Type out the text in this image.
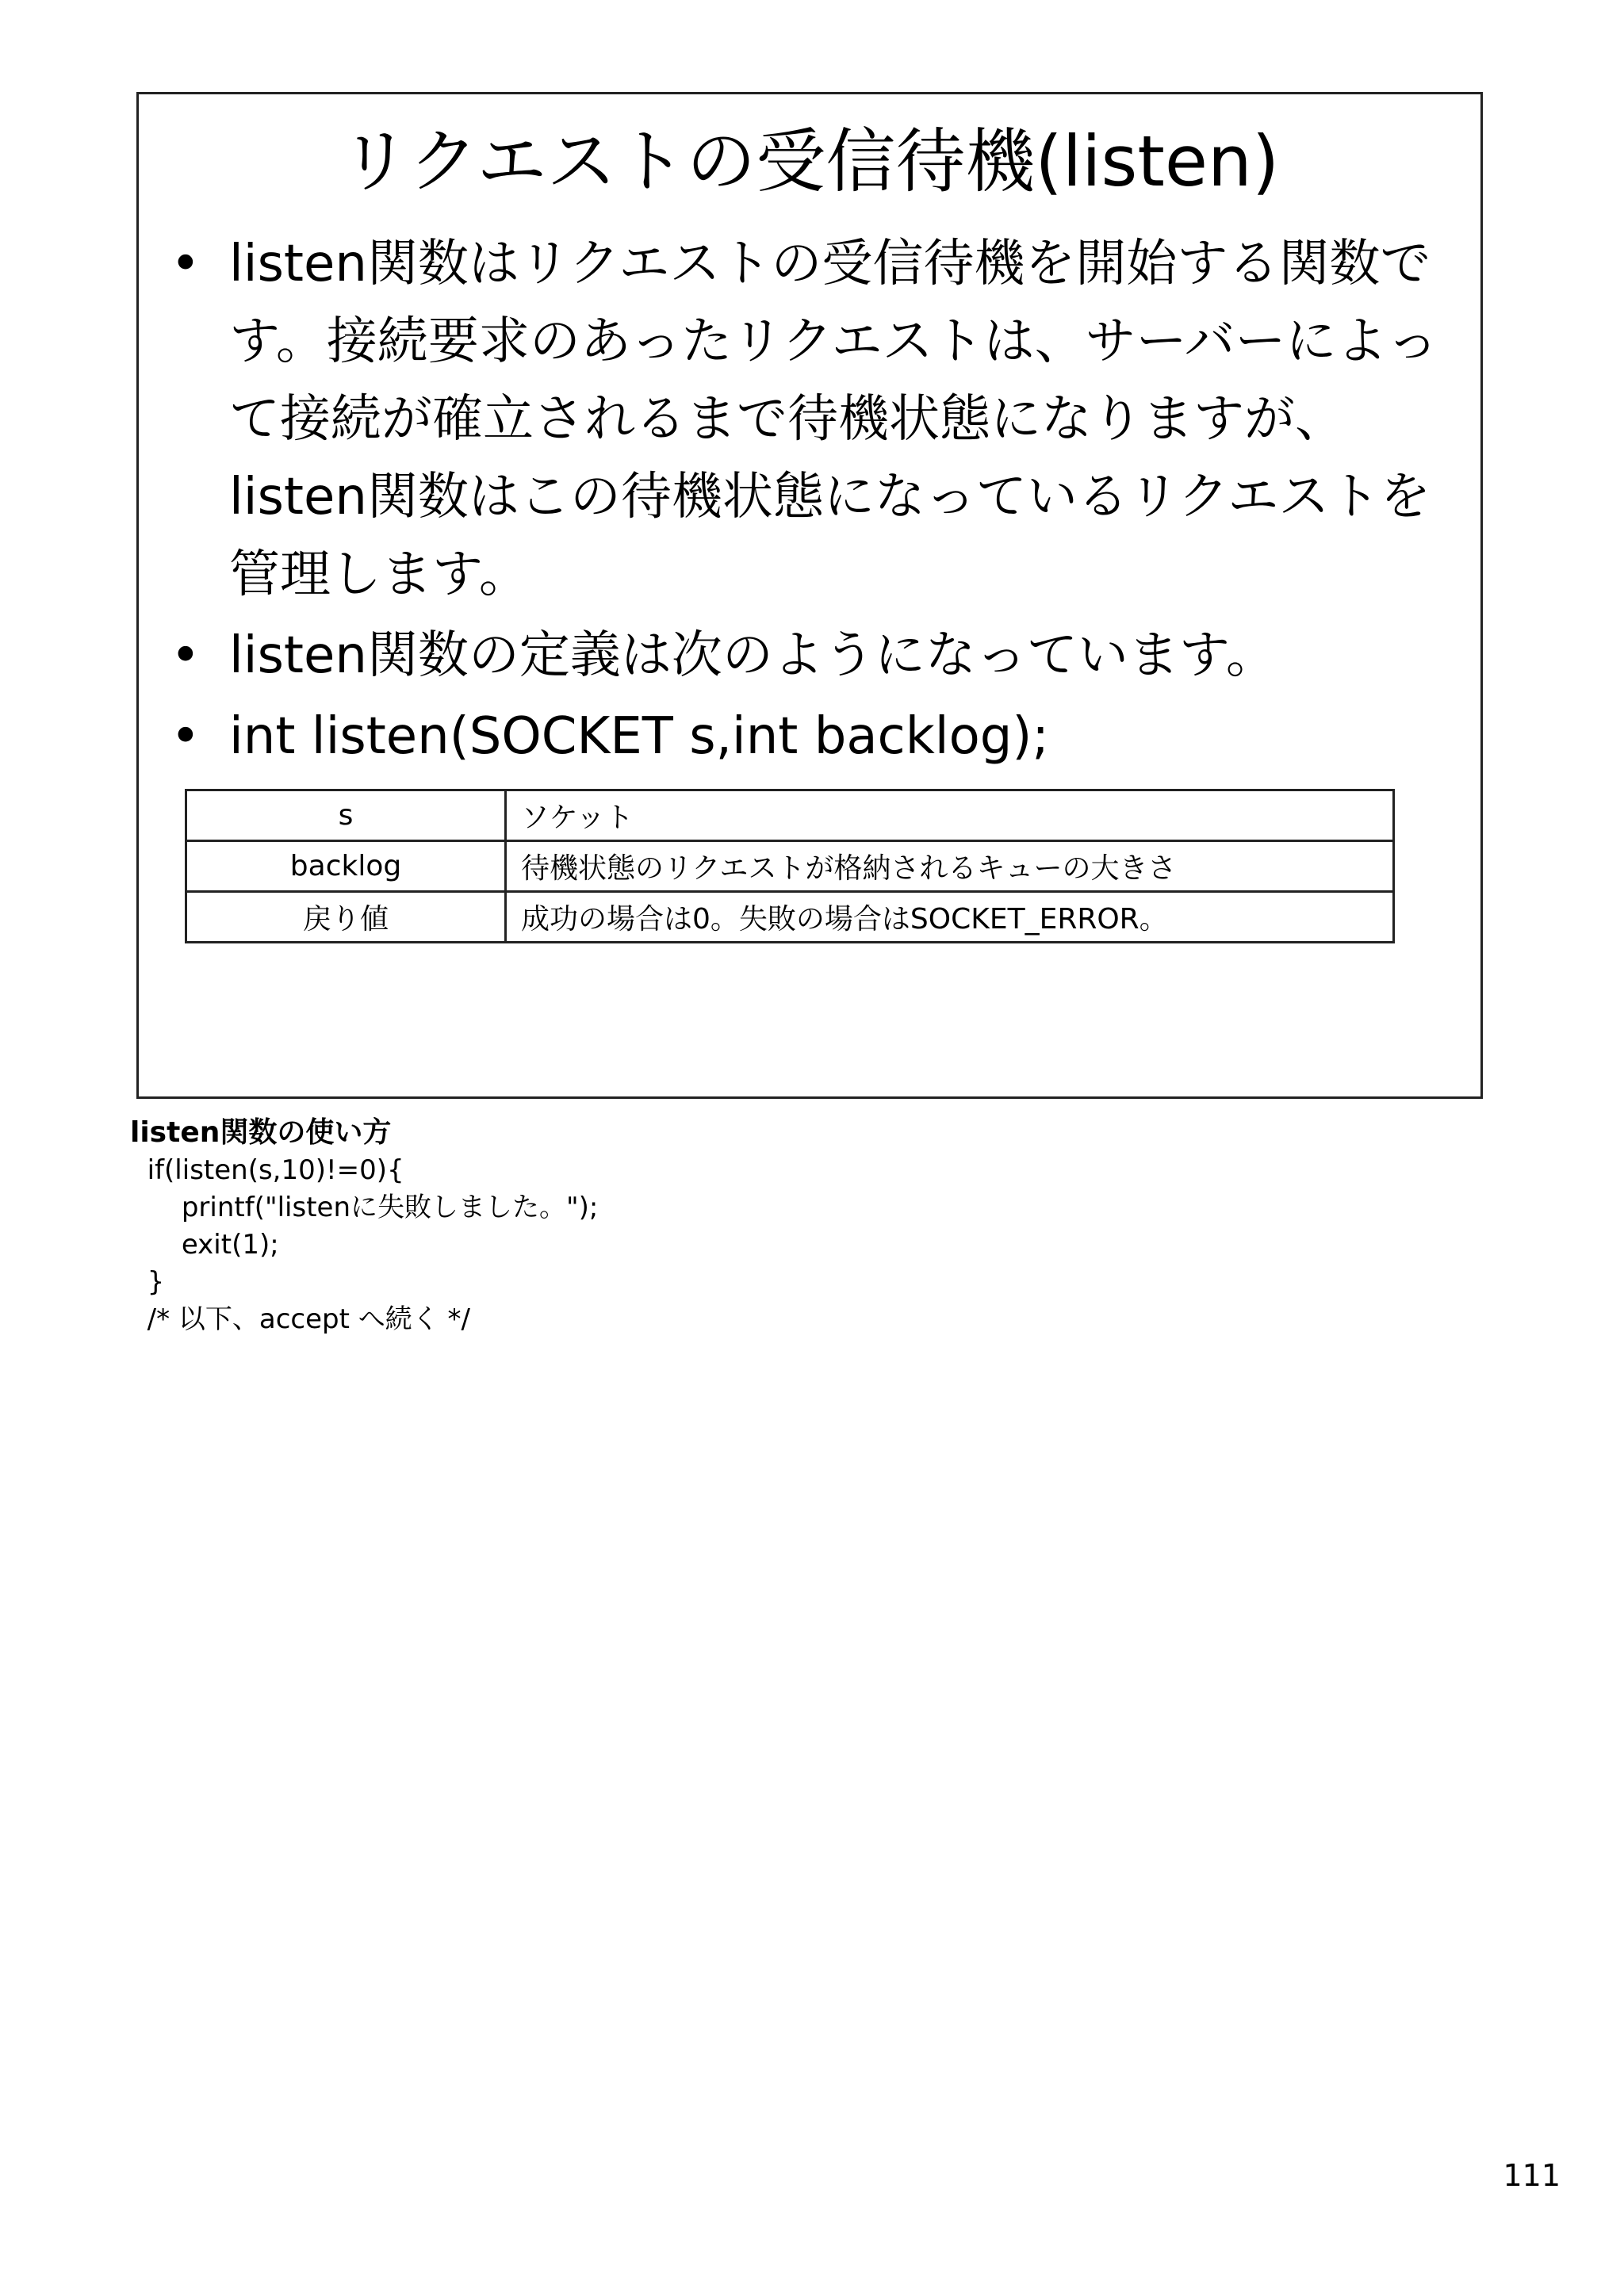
リクエストの受信待機(listen)
• listen関数はリクエストの受信待機を開始する関数です。接続要求のあったリクエストは、サーバーによって接続が確立されるまで待機状態になりますが、listen関数はこの待機状態になっているリクエストを管理します。
• listen関数の定義は次のようになっています。
• int listen(SOCKET s,int backlog);
s	ソケット
backlog	待機状態のリクエストが格納されるキューの大きさ
戻り値	成功の場合は0。失敗の場合はSOCKET_ERROR。
listen関数の使い方
if(listen(s,10)!=0){
printf("listenに失敗しました。");
exit(1);
}
/* 以下、accept へ続く */
111
